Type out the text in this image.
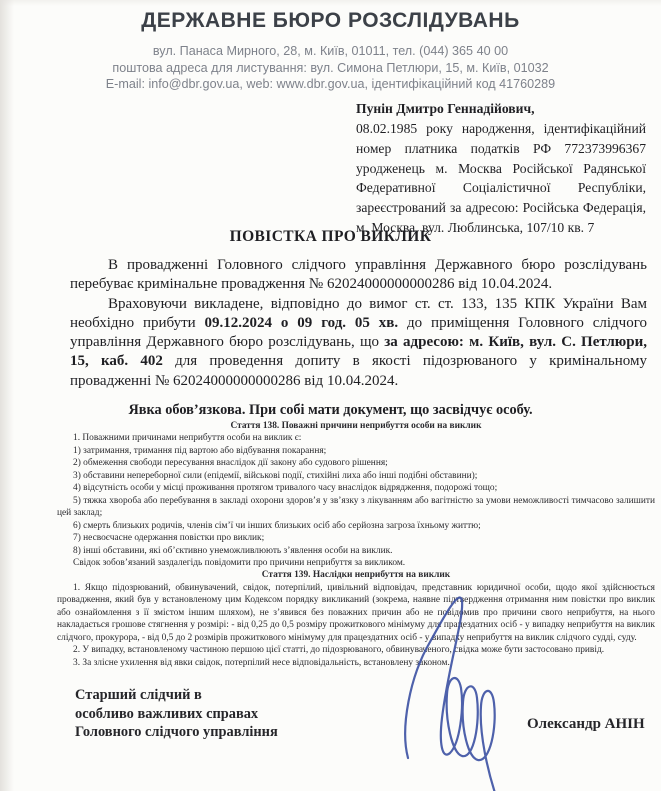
ДЕРЖАВНЕ БЮРО РОЗСЛІДУВАНЬ
вул. Панаса Мирного, 28, м. Київ, 01011, тел. (044) 365 40 00
поштова адреса для листування: вул. Симона Петлюри, 15, м. Київ, 01032
E-mail: info@dbr.gov.ua, web: www.dbr.gov.ua, ідентифікаційний код 41760289
Пунін Дмитро Геннадійович,
08.02.1985 року народження, ідентифікаційний номер платника податків РФ 772373996367 уродженець м. Москва Російської Радянської Федеративної Соціалістичної Республіки, зареєстрований за адресою: Російська Федерація, м. Москва, вул. Люблинська, 107/10 кв. 7
ПОВІСТКА ПРО ВИКЛИК

В провадженні Головного слідчого управління Державного бюро розслідувань перебуває кримінальне провадження № 62024000000000286 від 10.04.2024.

Враховуючи викладене, відповідно до вимог ст. ст. 133, 135 КПК України Вам необхідно прибути 09.12.2024 о 09 год. 05 хв. до приміщення Головного слідчого управління Державного бюро розслідувань, що за адресою: м. Київ, вул. С. Петлюри, 15, каб. 402 для проведення допиту в якості підозрюваного у кримінальному провадженні № 62024000000000286 від 10.04.2024.

Явка обов’язкова. При собі мати документ, що засвідчує особу.
Стаття 138. Поважні причини неприбуття особи на виклик
1. Поважними причинами неприбуття особи на виклик є:
1) затримання, тримання під вартою або відбування покарання;
2) обмеження свободи пересування внаслідок дії закону або судового рішення;
3) обставини непереборної сили (епідемії, військові події, стихійні лиха або інші подібні обставини);
4) відсутність особи у місці проживання протягом тривалого часу внаслідок відрядження, подорожі тощо;
5) тяжка хвороба або перебування в закладі охорони здоров’я у зв’язку з лікуванням або вагітністю за умови неможливості тимчасово залишити цей заклад;
6) смерть близьких родичів, членів сім’ї чи інших близьких осіб або серйозна загроза їхньому життю;
7) несвоєчасне одержання повістки про виклик;
8) інші обставини, які об’єктивно унеможливлюють з’явлення особи на виклик.
Свідок зобов’язаний заздалегідь повідомити про причини неприбуття за викликом.
Стаття 139. Наслідки неприбуття на виклик
1. Якщо підозрюваний, обвинувачений, свідок, потерпілий, цивільний відповідач, представник юридичної особи, щодо якої здійснюється провадження, який був у встановленому цим Кодексом порядку викликаний (зокрема, наявне підтвердження отримання ним повістки про виклик або ознайомлення з її змістом іншим шляхом), не з’явився без поважних причин або не повідомив про причини свого неприбуття, на нього накладається грошове стягнення у розмірі: - від 0,25 до 0,5 розміру прожиткового мінімуму для працездатних осіб - у випадку неприбуття на виклик слідчого, прокурора, - від 0,5 до 2 розмірів прожиткового мінімуму для працездатних осіб - у випадку неприбуття на виклик слідчого судді, суду.
2. У випадку, встановленому частиною першою цієї статті, до підозрюваного, обвинуваченого, свідка може бути застосовано привід.
3. За злісне ухилення від явки свідок, потерпілий несе відповідальність, встановлену законом.
Старший слідчий в
особливо важливих справах
Головного слідчого управління	Олександр АНІН
